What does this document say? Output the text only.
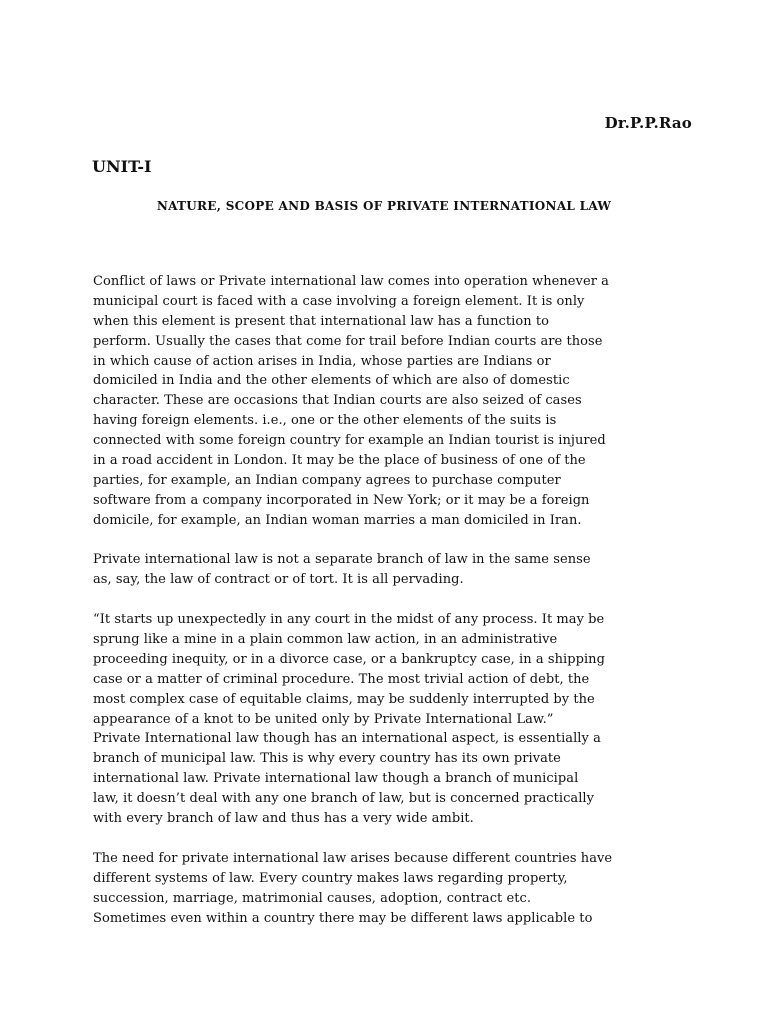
Dr.P.P.Rao
UNIT-I
NATURE, SCOPE AND BASIS OF PRIVATE INTERNATIONAL LAW
Conflict of laws or Private international law comes into operation whenever a
municipal court is faced with a case involving a foreign element. It is only
when this element is present that international law has a function to
perform. Usually the cases that come for trail before Indian courts are those
in which cause of action arises in India, whose parties are Indians or
domiciled in India and the other elements of which are also of domestic
character. These are occasions that Indian courts are also seized of cases
having foreign elements. i.e., one or the other elements of the suits is
connected with some foreign country for example an Indian tourist is injured
in a road accident in London. It may be the place of business of one of the
parties, for example, an Indian company agrees to purchase computer
software from a company incorporated in New York; or it may be a foreign
domicile, for example, an Indian woman marries a man domiciled in Iran.
Private international law is not a separate branch of law in the same sense
as, say, the law of contract or of tort. It is all pervading.
“It starts up unexpectedly in any court in the midst of any process. It may be
sprung like a mine in a plain common law action, in an administrative
proceeding inequity, or in a divorce case, or a bankruptcy case, in a shipping
case or a matter of criminal procedure. The most trivial action of debt, the
most complex case of equitable claims, may be suddenly interrupted by the
appearance of a knot to be united only by Private International Law.”
Private International law though has an international aspect, is essentially a
branch of municipal law. This is why every country has its own private
international law. Private international law though a branch of municipal
law, it doesn’t deal with any one branch of law, but is concerned practically
with every branch of law and thus has a very wide ambit.
The need for private international law arises because different countries have
different systems of law. Every country makes laws regarding property,
succession, marriage, matrimonial causes, adoption, contract etc.
Sometimes even within a country there may be different laws applicable to
